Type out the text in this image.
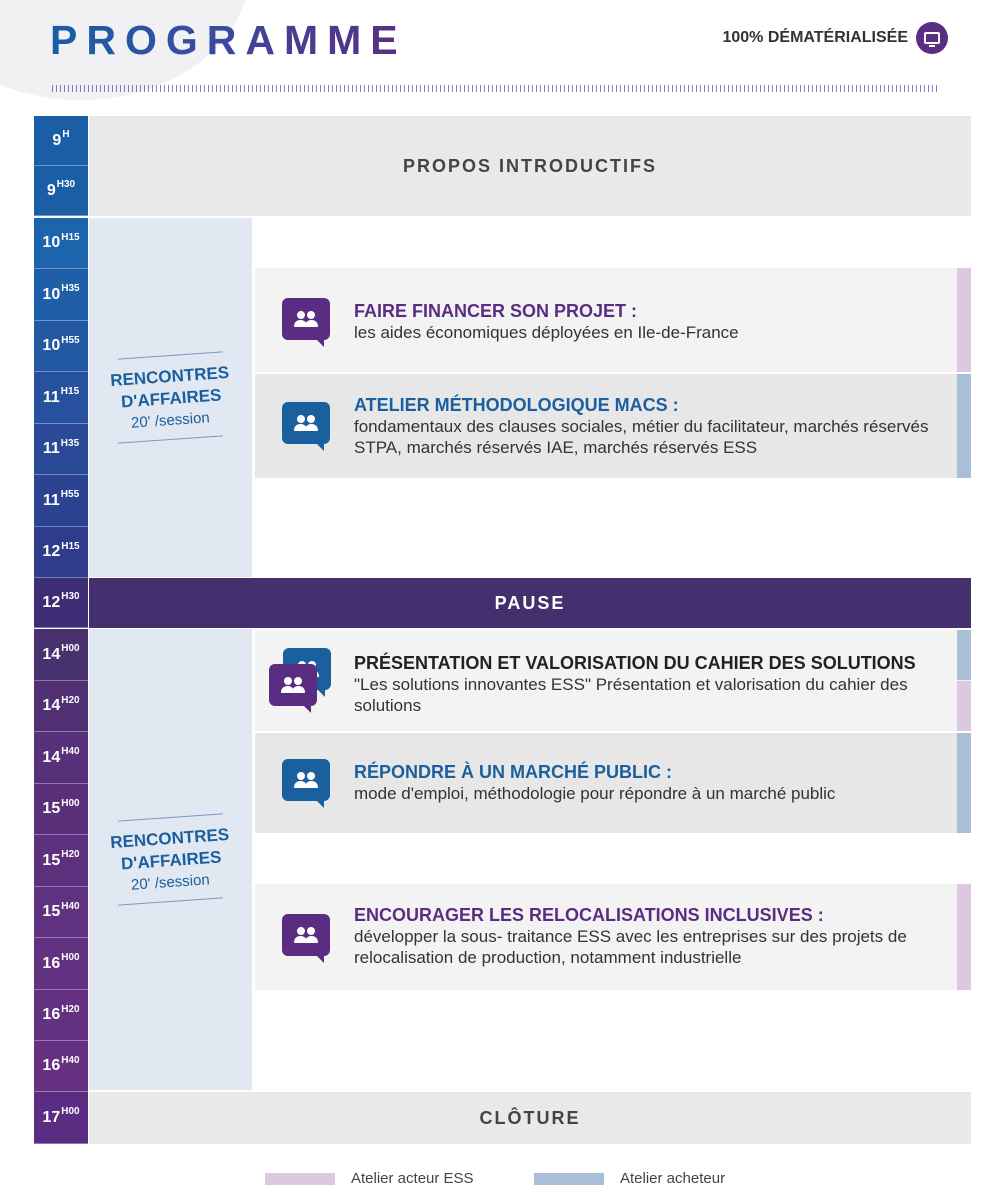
PROGRAMME	100% DÉMATÉRIALISÉE
$9^H$
$9^{H30}$
$10^{H15}$
$10^{H35}$
$10^{H55}$
$11^{H15}$
$11^{H35}$
$11^{H55}$
$12^{H15}$
$12^{H30}$
$14^{H00}$
$14^{H20}$
$14^{H40}$
$15^{H00}$
$15^{H20}$
$15^{H40}$
$16^{H00}$
$16^{H20}$
$16^{H40}$
$17^{H00}$
PROPOS INTRODUCTIFS
RENCONTRES
D'AFFAIRES
20' /session
FAIRE FINANCER SON PROJET :

les aides économiques déployées en Ile-de-France

ATELIER MÉTHODOLOGIQUE MACS :

fondamentaux des clauses sociales, métier du facilitateur, marchés réservés STPA, marchés réservés IAE, marchés réservés ESS

PAUSE
RENCONTRES
D'AFFAIRES
20' /session
PRÉSENTATION ET VALORISATION DU CAHIER DES SOLUTIONS

"Les solutions innovantes ESS" Présentation et valorisation du cahier des solutions

RÉPONDRE À UN MARCHÉ PUBLIC :

mode d'emploi, méthodologie pour répondre à un marché public

ENCOURAGER LES RELOCALISATIONS INCLUSIVES :

développer la sous- traitance ESS avec les entreprises sur des projets de relocalisation de production, notamment industrielle

CLÔTURE
Atelier acteur ESS	Atelier acheteur
